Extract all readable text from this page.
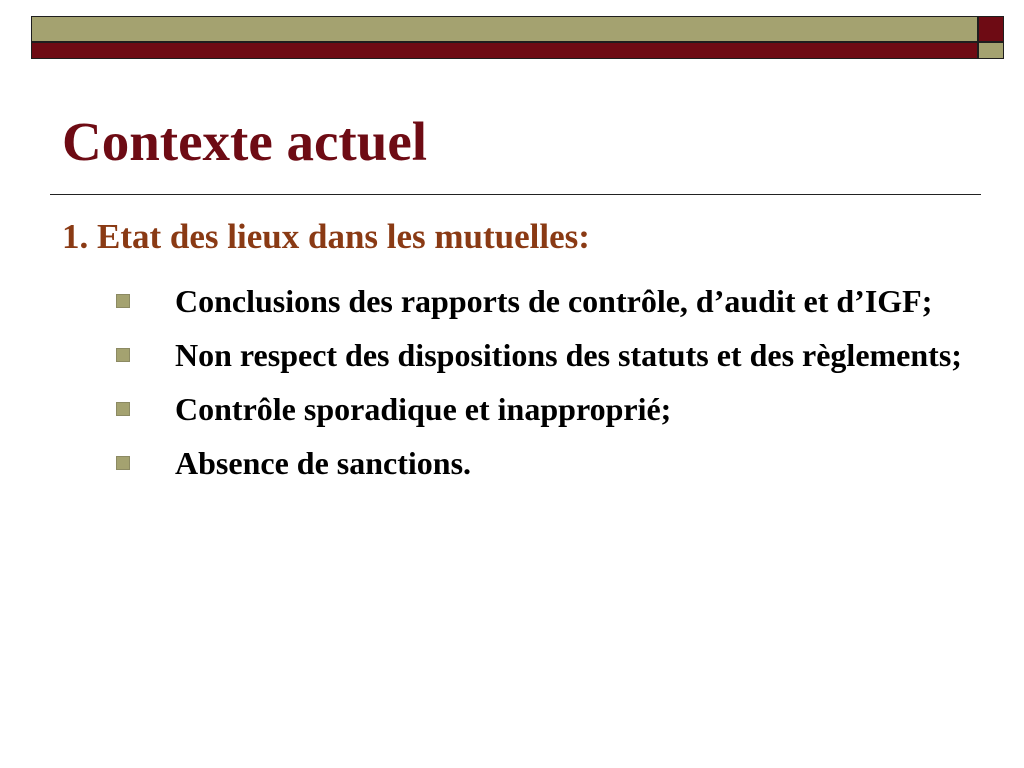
Contexte actuel
1. Etat des lieux dans les mutuelles:
Conclusions des rapports de contrôle, d’audit et d’IGF;
Non respect des dispositions des statuts et des règlements;
Contrôle sporadique et inapproprié;
Absence de sanctions.
